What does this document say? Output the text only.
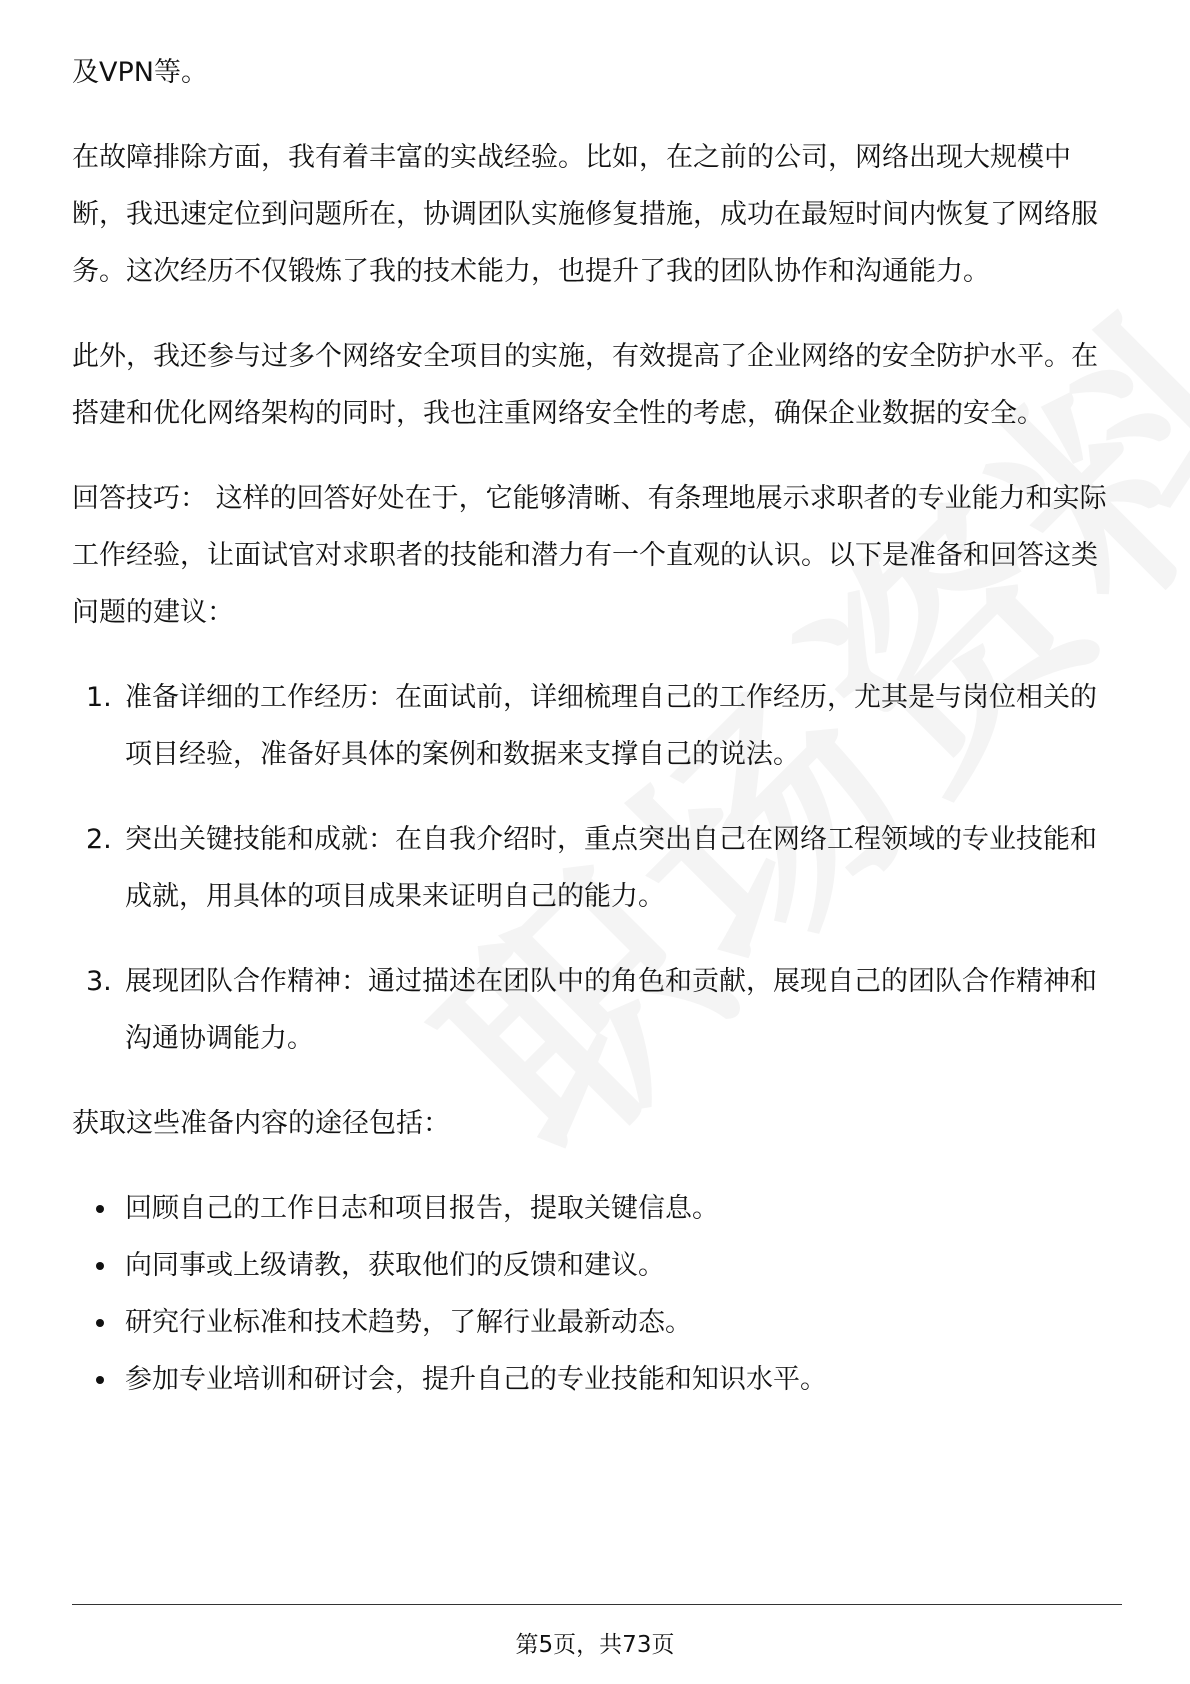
及VPN等。

在故障排除方面，我有着丰富的实战经验。比如，在之前的公司，网络出现大规模中断，我迅速定位到问题所在，协调团队实施修复措施，成功在最短时间内恢复了网络服务。这次经历不仅锻炼了我的技术能力，也提升了我的团队协作和沟通能力。

此外，我还参与过多个网络安全项目的实施，有效提高了企业网络的安全防护水平。在搭建和优化网络架构的同时，我也注重网络安全性的考虑，确保企业数据的安全。

回答技巧： 这样的回答好处在于，它能够清晰、有条理地展示求职者的专业能力和实际工作经验，让面试官对求职者的技能和潜力有一个直观的认识。以下是准备和回答这类问题的建议：

1. 准备详细的工作经历：在面试前，详细梳理自己的工作经历，尤其是与岗位相关的项目经验，准备好具体的案例和数据来支撑自己的说法。
2. 突出关键技能和成就：在自我介绍时，重点突出自己在网络工程领域的专业技能和成就，用具体的项目成果来证明自己的能力。
3. 展现团队合作精神：通过描述在团队中的角色和贡献，展现自己的团队合作精神和沟通协调能力。

获取这些准备内容的途径包括：

回顾自己的工作日志和项目报告，提取关键信息。
向同事或上级请教，获取他们的反馈和建议。
研究行业标准和技术趋势，了解行业最新动态。
参加专业培训和研讨会，提升自己的专业技能和知识水平。
第5页，共73页
